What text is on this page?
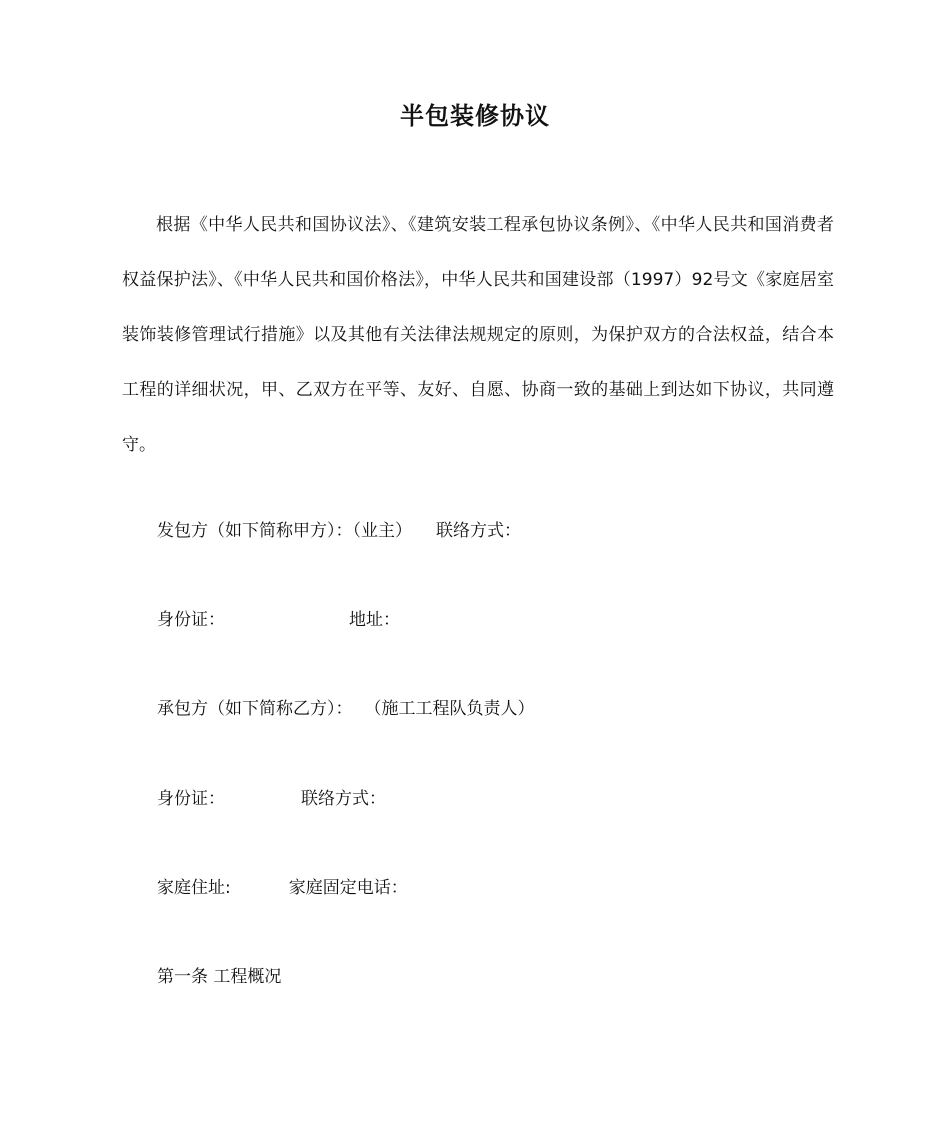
半包装修协议

根据《中华人民共和国协议法》、《建筑安装工程承包协议条例》、《中华人民共和国消费者权益保护法》、《中华人民共和国价格法》，中华人民共和国建设部（1997）92号文《家庭居室装饰装修管理试行措施》以及其他有关法律法规规定的原则，为保护双方的合法权益，结合本工程的详细状况，甲、乙双方在平等、友好、自愿、协商一致的基础上到达如下协议，共同遵守。

发包方（如下简称甲方）：（业主） 联络方式：

身份证：	地址：

承包方（如下简称乙方）： （施工工程队负责人）

身份证：	联络方式：

家庭住址:	家庭固定电话：

第一条 工程概况
